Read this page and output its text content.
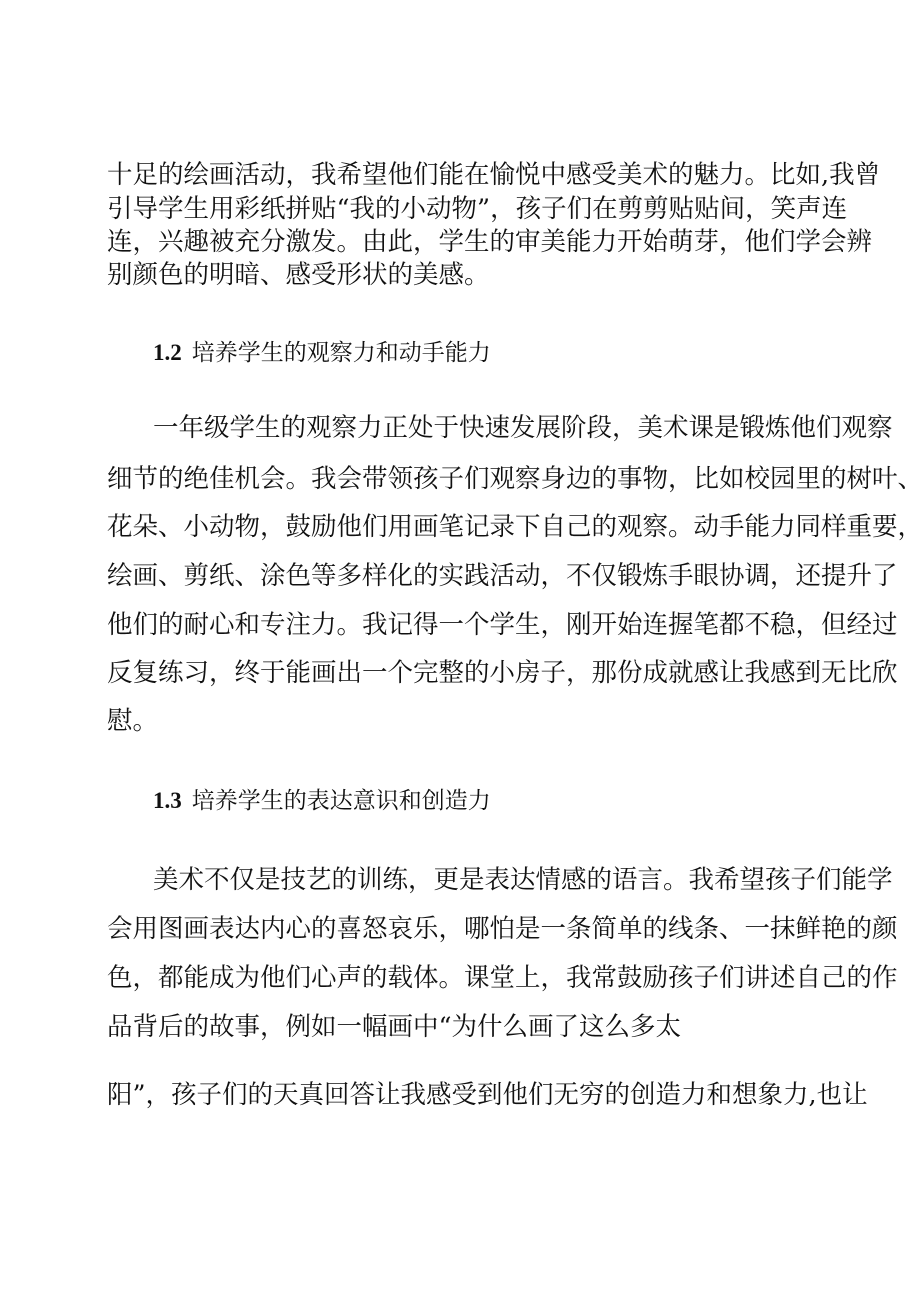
十足的绘画活动，我希望他们能在愉悦中感受美术的魅力。比如,我曾
引导学生用彩纸拼贴“我的小动物”，孩子们在剪剪贴贴间，笑声连
连，兴趣被充分激发。由此，学生的审美能力开始萌芽，他们学会辨
别颜色的明暗、感受形状的美感。
1.2 培养学生的观察力和动手能力
一年级学生的观察力正处于快速发展阶段，美术课是锻炼他们观察
细节的绝佳机会。我会带领孩子们观察身边的事物，比如校园里的树叶、
花朵、小动物，鼓励他们用画笔记录下自己的观察。动手能力同样重要，
绘画、剪纸、涂色等多样化的实践活动，不仅锻炼手眼协调，还提升了
他们的耐心和专注力。我记得一个学生，刚开始连握笔都不稳，但经过
反复练习，终于能画出一个完整的小房子，那份成就感让我感到无比欣
慰。
1.3 培养学生的表达意识和创造力
美术不仅是技艺的训练，更是表达情感的语言。我希望孩子们能学
会用图画表达内心的喜怒哀乐，哪怕是一条简单的线条、一抹鲜艳的颜
色，都能成为他们心声的载体。课堂上，我常鼓励孩子们讲述自己的作
品背后的故事，例如一幅画中“为什么画了这么多太
阳”，孩子们的天真回答让我感受到他们无穷的创造力和想象力,也让
